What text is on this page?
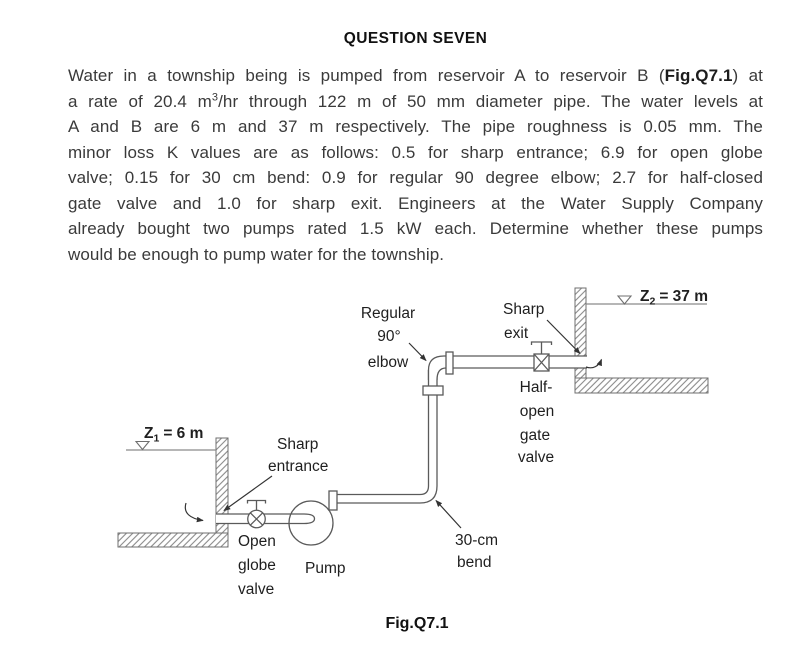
QUESTION SEVEN
Water in a township being is pumped from reservoir A to reservoir B (Fig.Q7.1) at
a rate of 20.4 $m^3/hr$ through 122 m of 50 mm diameter pipe. The water levels at
A and B are 6 m and 37 m respectively. The pipe roughness is 0.05 mm. The
minor loss K values are as follows: 0.5 for sharp entrance; 6.9 for open globe
valve; 0.15 for 30 cm bend: 0.9 for regular 90 degree elbow; 2.7 for half-closed
gate valve and 1.0 for sharp exit. Engineers at the Water Supply Company
already bought two pumps rated 1.5 kW each. Determine whether these pumps
would be enough to pump water for the township.
$Z_2 = 37$ m
$Z_1 = 6$ m
Regular
90°
elbow
Sharp
exit
Half-
open
gate
valve
Sharp
entrance
Open
globe
valve
Pump
30-cm
bend
Fig.Q7.1
